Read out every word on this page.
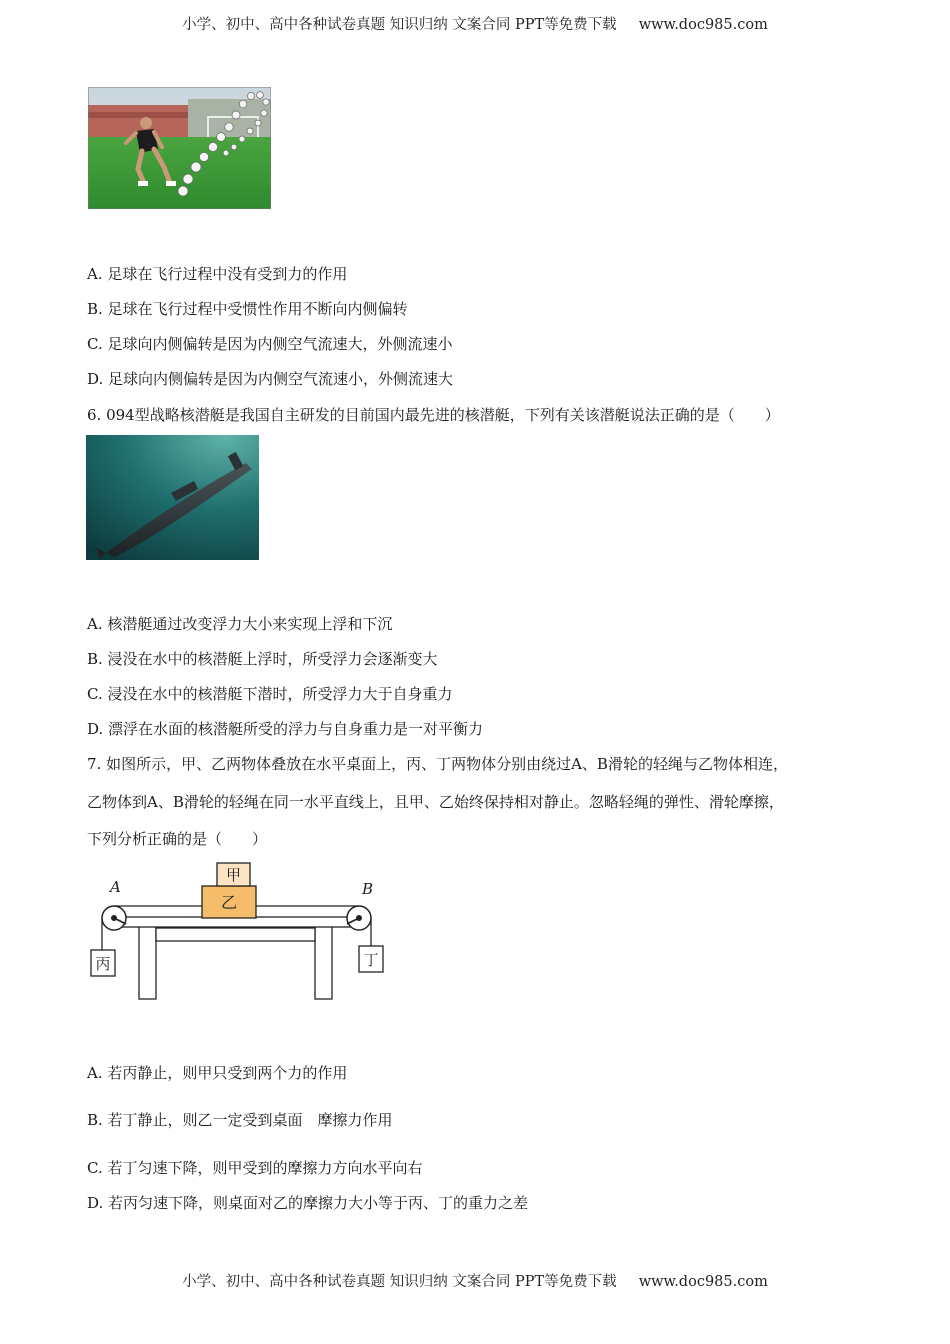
小学、初中、高中各种试卷真题 知识归纳 文案合同 PPT等免费下载 www.doc985.com
A. 足球在飞行过程中没有受到力的作用
B. 足球在飞行过程中受惯性作用不断向内侧偏转
C. 足球向内侧偏转是因为内侧空气流速大，外侧流速小
D. 足球向内侧偏转是因为内侧空气流速小，外侧流速大
6. 094型战略核潜艇是我国自主研发的目前国内最先进的核潜艇，下列有关该潜艇说法正确的是（　　）
A. 核潜艇通过改变浮力大小来实现上浮和下沉
B. 浸没在水中的核潜艇上浮时，所受浮力会逐渐变大
C. 浸没在水中的核潜艇下潜时，所受浮力大于自身重力
D. 漂浮在水面的核潜艇所受的浮力与自身重力是一对平衡力
7. 如图所示，甲、乙两物体叠放在水平桌面上，丙、丁两物体分别由绕过A、B滑轮的轻绳与乙物体相连，
乙物体到A、B滑轮的轻绳在同一水平直线上，且甲、乙始终保持相对静止。忽略轻绳的弹性、滑轮摩擦，
下列分析正确的是（　　）
甲
乙
A	B
丙	丁
A. 若丙静止，则甲只受到两个力的作用
B. 若丁静止，则乙一定受到桌面　摩擦力作用
C. 若丁匀速下降，则甲受到的摩擦力方向水平向右
D. 若丙匀速下降，则桌面对乙的摩擦力大小等于丙、丁的重力之差
小学、初中、高中各种试卷真题 知识归纳 文案合同 PPT等免费下载 www.doc985.com
